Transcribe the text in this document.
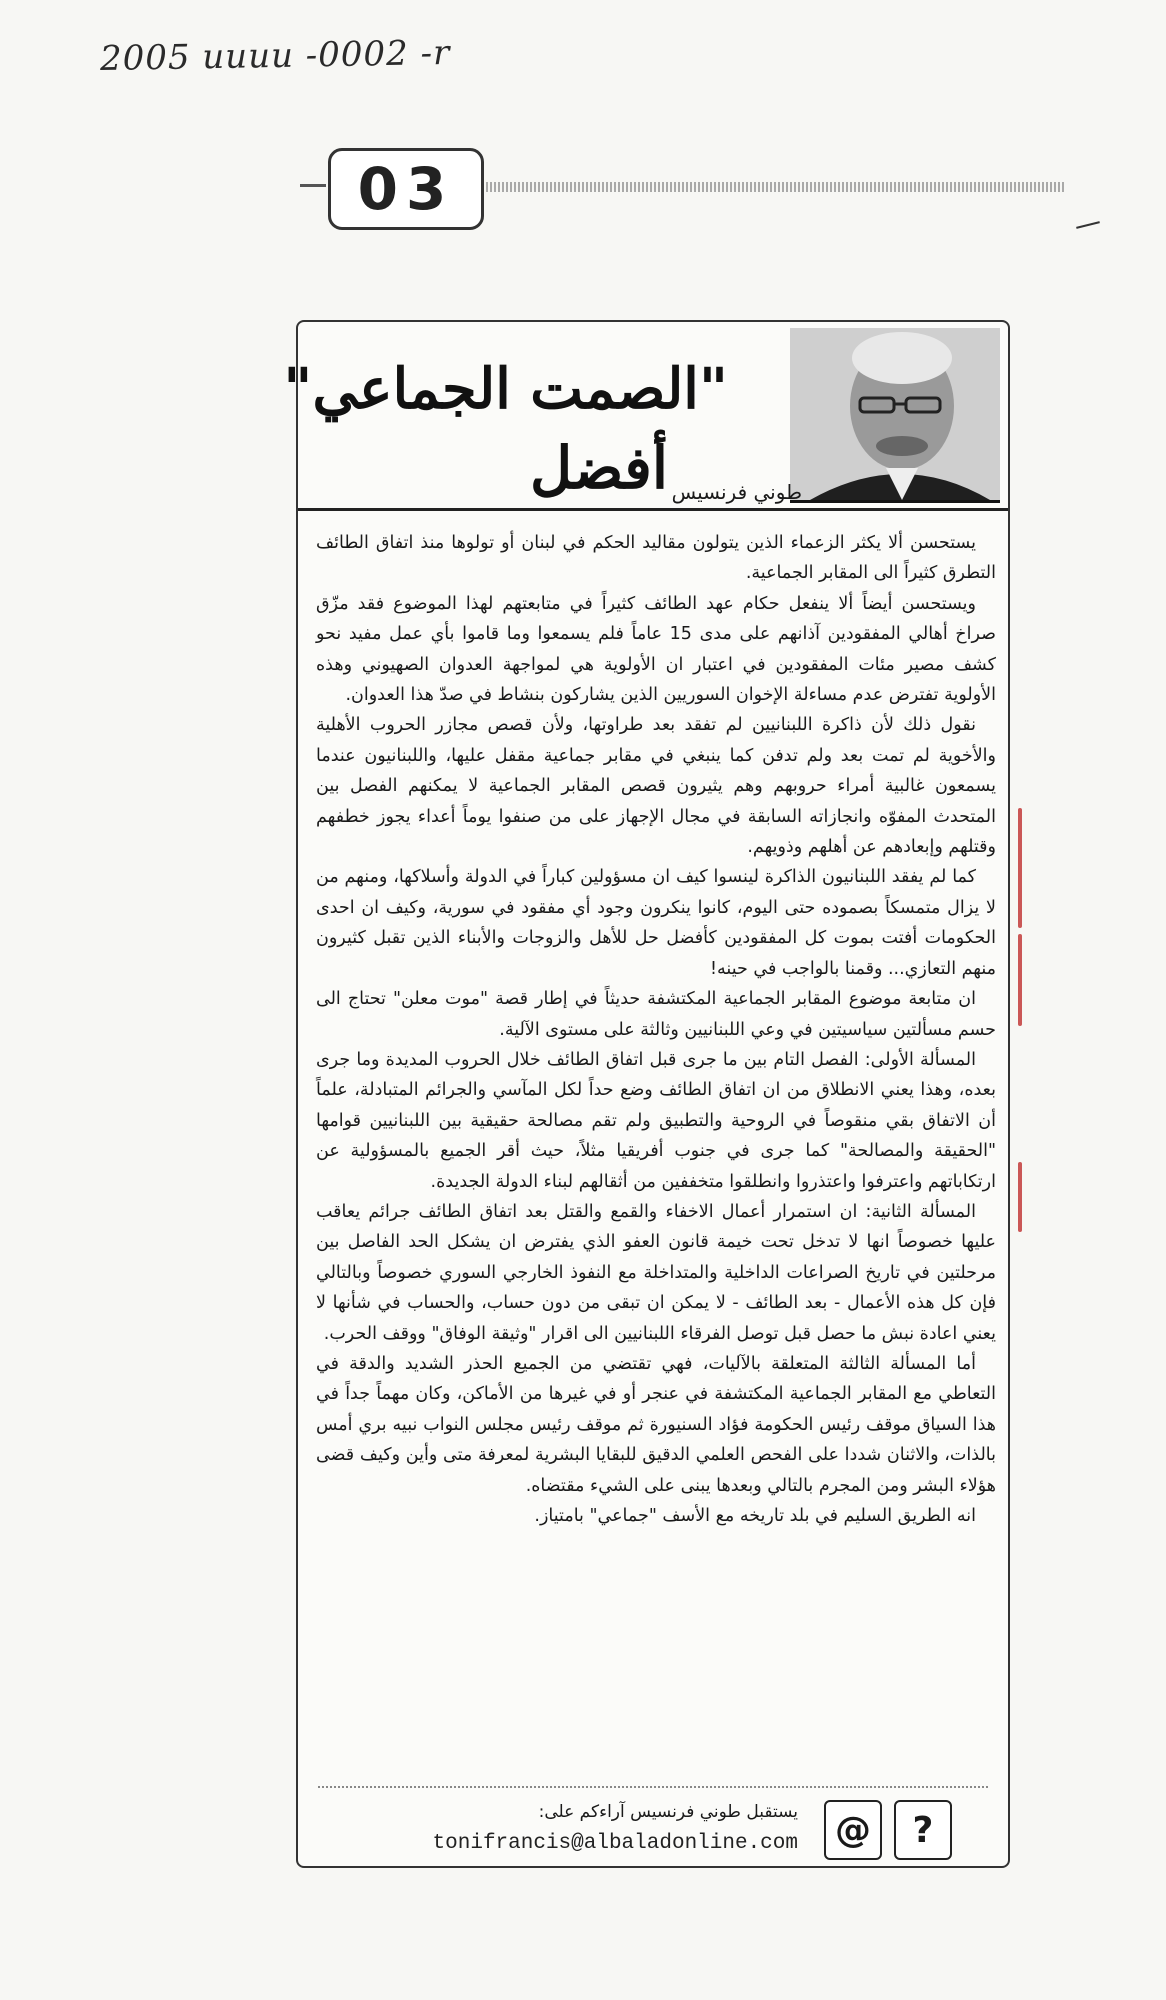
2005 uuuu -0002 -r
03
"الصمت الجماعي"
أفضل طوني فرنسيس

يستحسن ألا يكثر الزعماء الذين يتولون مقاليد الحكم في لبنان أو تولوها منذ اتفاق الطائف التطرق كثيراً الى المقابر الجماعية.

ويستحسن أيضاً ألا ينفعل حكام عهد الطائف كثيراً في متابعتهم لهذا الموضوع فقد مزّق صراخ أهالي المفقودين آذانهم على مدى 15 عاماً فلم يسمعوا وما قاموا بأي عمل مفيد نحو كشف مصير مئات المفقودين في اعتبار ان الأولوية هي لمواجهة العدوان الصهيوني وهذه الأولوية تفترض عدم مساءلة الإخوان السوريين الذين يشاركون بنشاط في صدّ هذا العدوان.

نقول ذلك لأن ذاكرة اللبنانيين لم تفقد بعد طراوتها، ولأن قصص مجازر الحروب الأهلية والأخوية لم تمت بعد ولم تدفن كما ينبغي في مقابر جماعية مقفل عليها، واللبنانيون عندما يسمعون غالبية أمراء حروبهم وهم يثيرون قصص المقابر الجماعية لا يمكنهم الفصل بين المتحدث المفوّه وانجازاته السابقة في مجال الإجهاز على من صنفوا يوماً أعداء يجوز خطفهم وقتلهم وإبعادهم عن أهلهم وذويهم.

كما لم يفقد اللبنانيون الذاكرة لينسوا كيف ان مسؤولين كباراً في الدولة وأسلاكها، ومنهم من لا يزال متمسكاً بصموده حتى اليوم، كانوا ينكرون وجود أي مفقود في سورية، وكيف ان احدى الحكومات أفتت بموت كل المفقودين كأفضل حل للأهل والزوجات والأبناء الذين تقبل كثيرون منهم التعازي... وقمنا بالواجب في حينه!

ان متابعة موضوع المقابر الجماعية المكتشفة حديثاً في إطار قصة "موت معلن" تحتاج الى حسم مسألتين سياسيتين في وعي اللبنانيين وثالثة على مستوى الآلية.

المسألة الأولى: الفصل التام بين ما جرى قبل اتفاق الطائف خلال الحروب المديدة وما جرى بعده، وهذا يعني الانطلاق من ان اتفاق الطائف وضع حداً لكل المآسي والجرائم المتبادلة، علماً أن الاتفاق بقي منقوصاً في الروحية والتطبيق ولم تقم مصالحة حقيقية بين اللبنانيين قوامها "الحقيقة والمصالحة" كما جرى في جنوب أفريقيا مثلاً، حيث أقر الجميع بالمسؤولية عن ارتكاباتهم واعترفوا واعتذروا وانطلقوا متخففين من أثقالهم لبناء الدولة الجديدة.

المسألة الثانية: ان استمرار أعمال الاخفاء والقمع والقتل بعد اتفاق الطائف جرائم يعاقب عليها خصوصاً انها لا تدخل تحت خيمة قانون العفو الذي يفترض ان يشكل الحد الفاصل بين مرحلتين في تاريخ الصراعات الداخلية والمتداخلة مع النفوذ الخارجي السوري خصوصاً وبالتالي فإن كل هذه الأعمال - بعد الطائف - لا يمكن ان تبقى من دون حساب، والحساب في شأنها لا يعني اعادة نبش ما حصل قبل توصل الفرقاء اللبنانيين الى اقرار "وثيقة الوفاق" ووقف الحرب.

أما المسألة الثالثة المتعلقة بالآليات، فهي تقتضي من الجميع الحذر الشديد والدقة في التعاطي مع المقابر الجماعية المكتشفة في عنجر أو في غيرها من الأماكن، وكان مهماً جداً في هذا السياق موقف رئيس الحكومة فؤاد السنيورة ثم موقف رئيس مجلس النواب نبيه بري أمس بالذات، والاثنان شددا على الفحص العلمي الدقيق للبقايا البشرية لمعرفة متى وأين وكيف قضى هؤلاء البشر ومن المجرم بالتالي وبعدها يبنى على الشيء مقتضاه.

انه الطريق السليم في بلد تاريخه مع الأسف "جماعي" بامتياز.

يستقبل طوني فرنسيس آراءكم على:
tonifrancis@albaladonline.com	@	?
